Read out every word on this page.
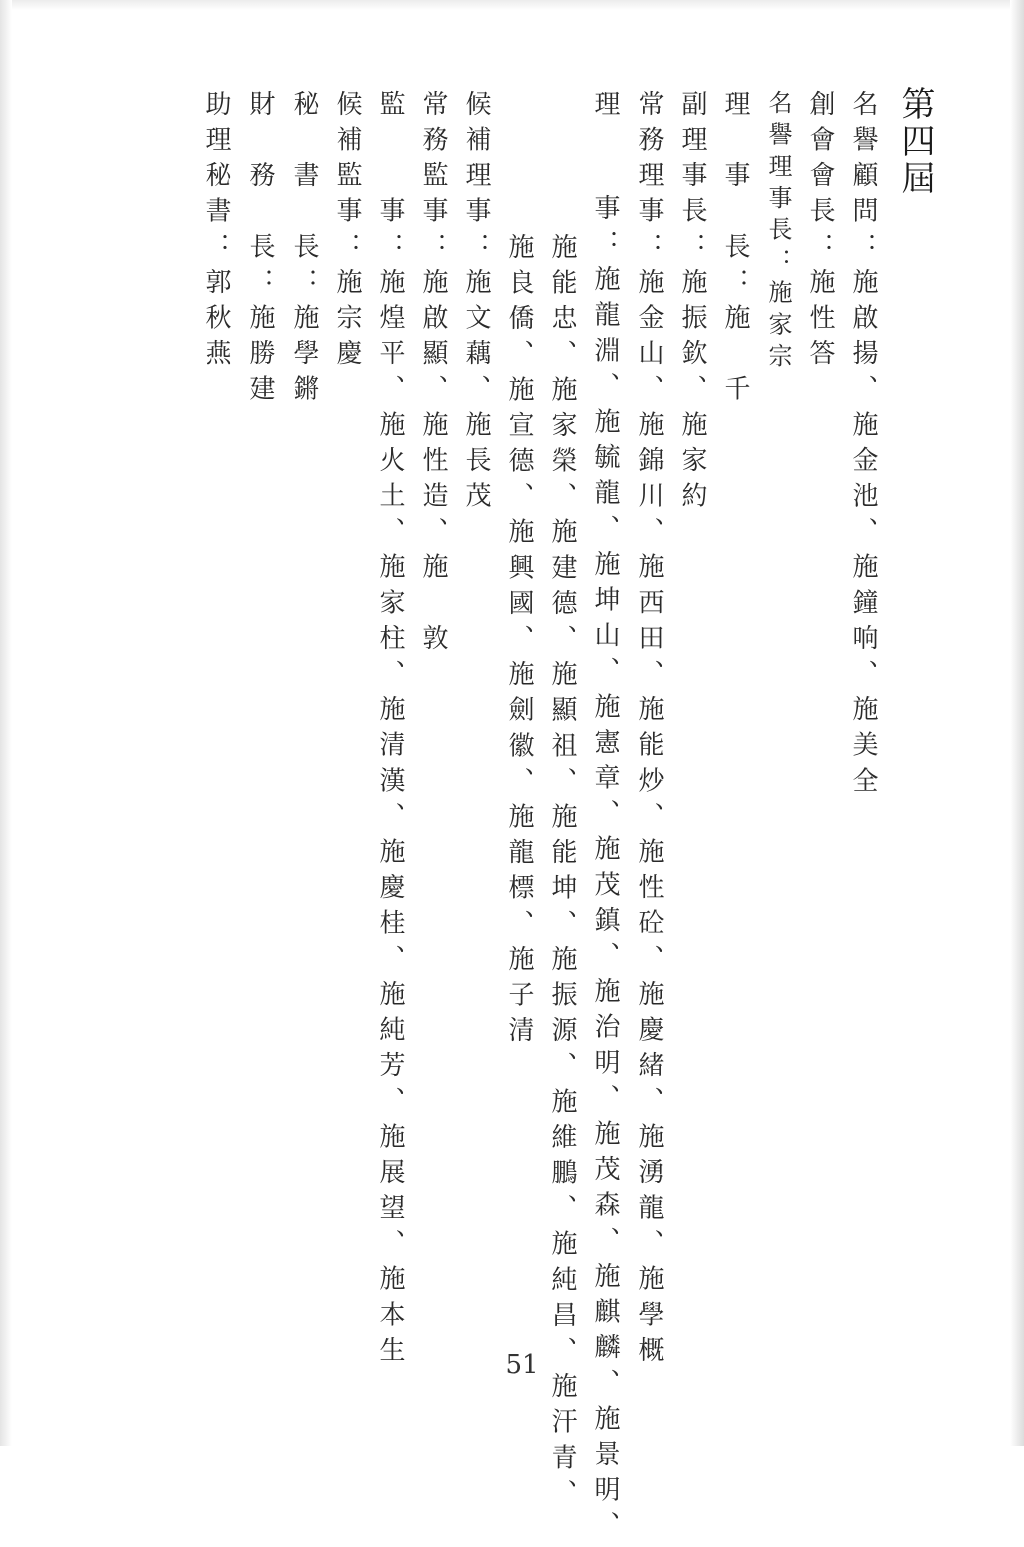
第四屆
名譽顧問：施啟揚、施金池、施鐘响、施美全
創會會長：施性答
名譽理事長：施家宗
理　事　長：施　千
副理事長：施振欽、施家約
常務理事：施金山、施錦川、施西田、施能炒、施性砼、施慶緒、施湧龍、施學概
理
事：施龍淵、施毓龍、施坤山、施憲章、施茂鎮、施治明、施茂森、施麒麟、施景明、
施能忠、施家榮、施建德、施顯祖、施能坤、施振源、施維鵬、施純昌、施汗青、
施良僑、施宣德、施興國、施劍徽、施龍標、施子清
候補理事：施文藕、施長茂
常務監事：施啟顯、施性造、施　敦
監　　事：施煌平、施火土、施家柱、施清漢、施慶桂、施純芳、施展望、施本生
候補監事：施宗慶
秘　書　長：施學鏘
財　務　長：施勝建
助理秘書：郭秋燕
51
